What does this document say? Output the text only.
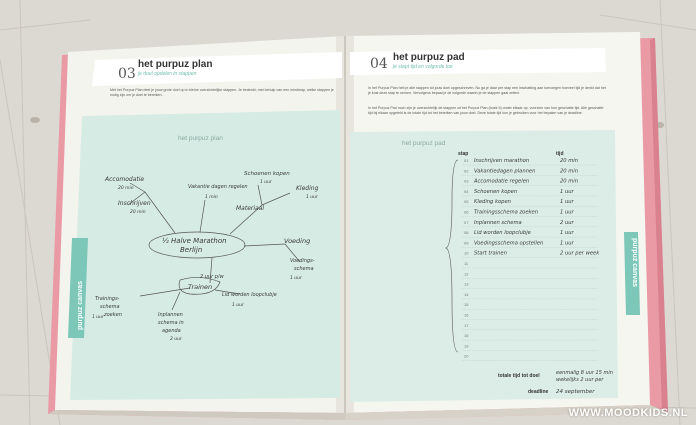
03
het purpuz plan
je doel opdelen in stappen
Met het Purpuz Plan deel je jouw grote doel op in kleine overzichtelijke stappen. Je bedenkt, met behulp van een mindmap, welke stappen je nodig zijn om je doel te bereiken.
het purpuz plan
purpuz canvas
½ Halve Marathon
Berlijn
Accomodatie
20 min	Vakantie dagen regelen
1 min
Schoenen kopen
1 uur
Inschrijven
20 min
Materiaal
Kleding
1 uur
Voeding
Voedings-
schema
1 uur
2 uur p/w
Trainen
Lid worden loopclubje
1 uur
Trainings-
schema
zoeken
1 uur	Inplannen
schema in
agenda
2 uur
04 het purpuz pad
je stapt tijd en volgorde toe
In het Purpuz Plan heb je alle stappen tot jouw doel opgeschreven. Nu ga je daar per stap een inschatting aan toevoegen hoeveel tijd je denkt dat het je kost deze stap te nemen. Vervolgens bepaal je de volgorde waarin je de stappen gaat zetten.
In het Purpuz Pad noch zijn je overzichtelijk de stappen uit het Purpuz Plan (boek 5) onder elkaar op, voorzien van hun geschatte tijd. Alle geschatte tijd bij elkaar opgeteld is de totale tijd tot het bereiken van jouw doel. Deze totale tijd kun je gebruiken voor het bepalen van je deadline.
het purpuz pad
stap	tijd
purpuz canvas
01 Inschrijven marathon	20 min
02 Vakantiedagen plannen	20 min
03 Accomodatie regelen	20 min
04 Schoenen kopen	1 uur
05 Kleding kopen	1 uur
06 Trainingsschema zoeken	1 uur
07 Inplannen schema	2 uur
08 Lid worden loopclubje	1 uur
09 Voedingsschema opstellen	1 uur
10 Start trainen	2 uur per week
11
12
13
14
15
16
17
18
19
20
totale tijd tot doel	eenmalig 8 uur 15 min
wekelijks 2 uur per
deadline 24 september
WWW.MOODKIDS.NL
